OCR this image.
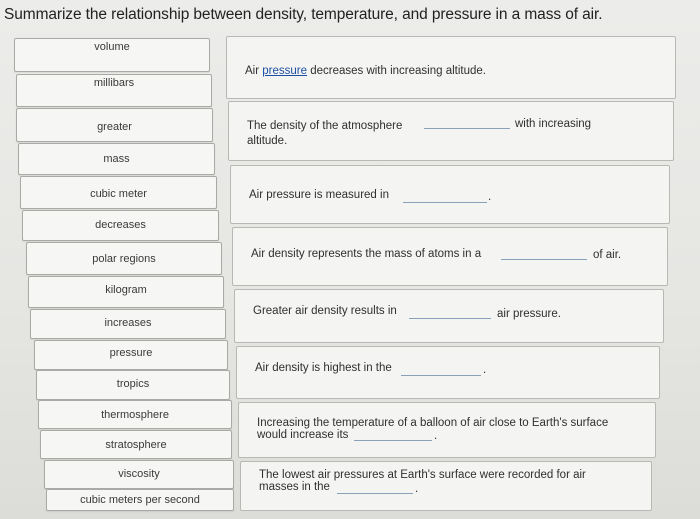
Summarize the relationship between density, temperature, and pressure in a mass of air.
volume
millibars
greater
mass
cubic meter
decreases
polar regions
kilogram
increases
pressure
tropics
thermosphere
stratosphere
viscosity
cubic meters per second
Air pressure decreases with increasing altitude.
The density of the atmosphere	with increasing
altitude.
Air pressure is measured in	.
Air density represents the mass of atoms in a	of air.
Greater air density results in	air pressure.
Air density is highest in the	.
Increasing the temperature of a balloon of air close to Earth's surface
would increase its	.
The lowest air pressures at Earth's surface were recorded for air
masses in the	.
